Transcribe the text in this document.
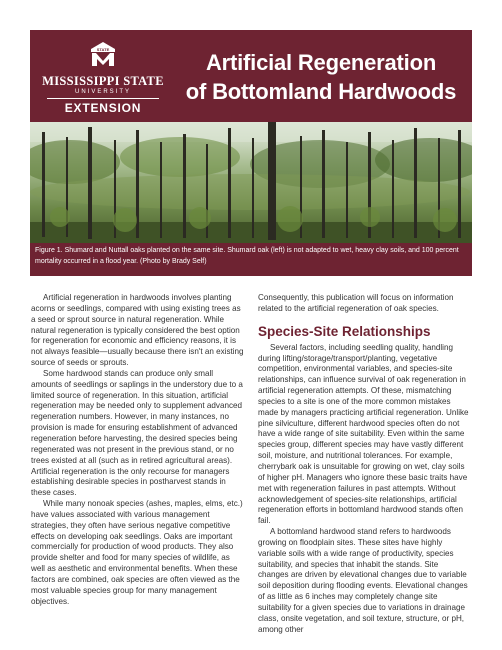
STATE
MISSISSIPPI STATE
UNIVERSITY
EXTENSION
Artificial Regeneration
of Bottomland Hardwoods
Figure 1. Shumard and Nuttall oaks planted on the same site. Shumard oak (left) is not adapted to wet, heavy clay soils, and 100 percent mortality occurred in a flood year. (Photo by Brady Self)

Artificial regeneration in hardwoods involves planting acorns or seedlings, compared with using existing trees as a seed or sprout source in natural regeneration. While natural regeneration is typically considered the best option for regeneration for economic and efficiency reasons, it is not always feasible—usually because there isn't an existing source of seeds or sprouts.

Some hardwood stands can produce only small amounts of seedlings or saplings in the understory due to a limited source of regeneration. In this situation, artificial regeneration may be needed only to supplement advanced regeneration numbers. However, in many instances, no provision is made for ensuring establishment of advanced regeneration before harvesting, the desired species being regenerated was not present in the previous stand, or no trees existed at all (such as in retired agricultural areas). Artificial regeneration is the only recourse for managers establishing desirable species in postharvest stands in these cases.

While many nonoak species (ashes, maples, elms, etc.) have values associated with various management strategies, they often have serious negative competitive effects on developing oak seedlings. Oaks are important commercially for production of wood products. They also provide shelter and food for many species of wildlife, as well as aesthetic and environmental benefits. When these factors are combined, oak species are often viewed as the most valuable species group for many management objectives.

Consequently, this publication will focus on information related to the artificial regeneration of oak species.

Species-Site Relationships

Several factors, including seedling quality, handling during lifting/storage/transport/planting, vegetative competition, environmental variables, and species-site relationships, can influence survival of oak regeneration in artificial regeneration attempts. Of these, mismatching species to a site is one of the more common mistakes made by managers practicing artificial regeneration. Unlike pine silviculture, different hardwood species often do not have a wide range of site suitability. Even within the same species group, different species may have vastly different soil, moisture, and nutritional tolerances. For example, cherrybark oak is unsuitable for growing on wet, clay soils of higher pH. Managers who ignore these basic traits have met with regeneration failures in past attempts. Without acknowledgement of species-site relationships, artificial regeneration efforts in bottomland hardwood stands often fail.

A bottomland hardwood stand refers to hardwoods growing on floodplain sites. These sites have highly variable soils with a wide range of productivity, species suitability, and species that inhabit the stands. Site changes are driven by elevational changes due to variable soil deposition during flooding events. Elevational changes of as little as 6 inches may completely change site suitability for a given species due to variations in drainage class, onsite vegetation, and soil texture, structure, or pH, among other
